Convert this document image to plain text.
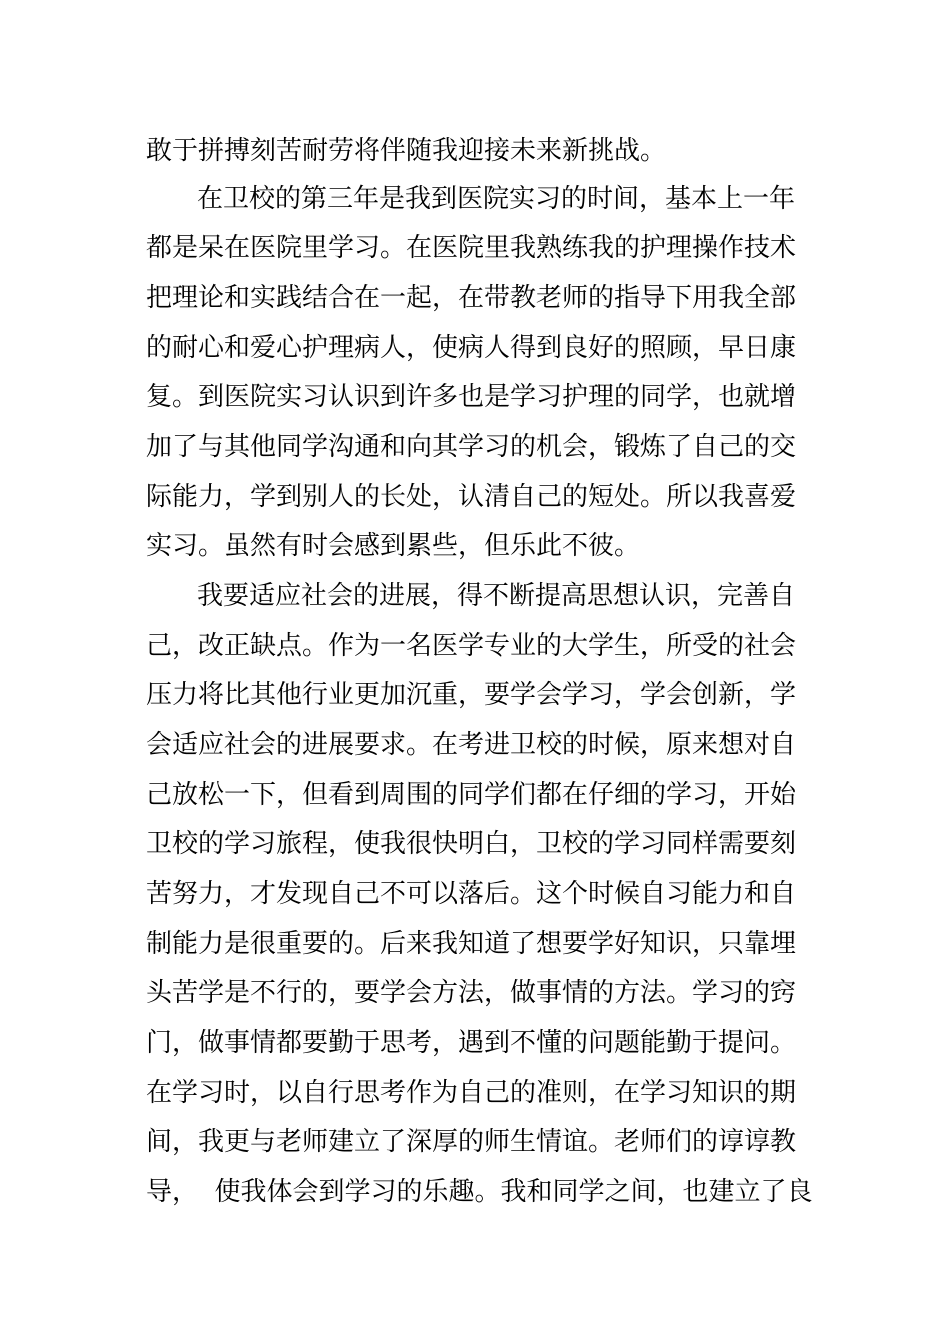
敢于拼搏刻苦耐劳将伴随我迎接未来新挑战。
在卫校的第三年是我到医院实习的时间，基本上一年
都是呆在医院里学习。在医院里我熟练我的护理操作技术
把理论和实践结合在一起，在带教老师的指导下用我全部
的耐心和爱心护理病人，使病人得到良好的照顾，早日康
复。到医院实习认识到许多也是学习护理的同学，也就增
加了与其他同学沟通和向其学习的机会，锻炼了自己的交
际能力，学到别人的长处，认清自己的短处。所以我喜爱
实习。虽然有时会感到累些，但乐此不彼。
我要适应社会的进展，得不断提高思想认识，完善自
己，改正缺点。作为一名医学专业的大学生，所受的社会
压力将比其他行业更加沉重，要学会学习，学会创新，学
会适应社会的进展要求。在考进卫校的时候，原来想对自
己放松一下，但看到周围的同学们都在仔细的学习，开始
卫校的学习旅程，使我很快明白，卫校的学习同样需要刻
苦努力，才发现自己不可以落后。这个时候自习能力和自
制能力是很重要的。后来我知道了想要学好知识，只靠埋
头苦学是不行的，要学会方法，做事情的方法。学习的窍
门，做事情都要勤于思考，遇到不懂的问题能勤于提问。
在学习时，以自行思考作为自己的准则，在学习知识的期
间，我更与老师建立了深厚的师生情谊。老师们的谆谆教
导，  使我体会到学习的乐趣。我和同学之间，也建立了良
